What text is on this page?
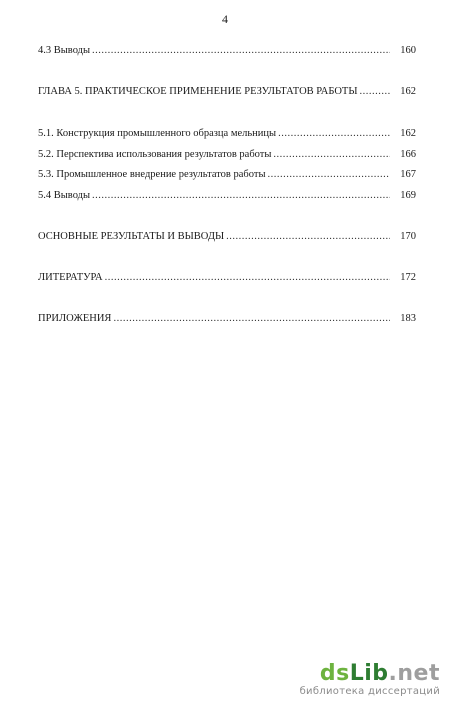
4
4.3 Выводы .....	160
ГЛАВА 5. ПРАКТИЧЕСКОЕ ПРИМЕНЕНИЕ РЕЗУЛЬТАТОВ РАБОТЫ .....	162
5.1. Конструкция промышленного образца мельницы .....	162
5.2. Перспектива использования результатов работы .....	166
5.3. Промышленное внедрение результатов работы .....	167
5.4 Выводы .....	169
ОСНОВНЫЕ РЕЗУЛЬТАТЫ И ВЫВОДЫ .....	170
ЛИТЕРАТУРА .....	172
ПРИЛОЖЕНИЯ .....	183
dsLib.net
библиотека диссертаций
